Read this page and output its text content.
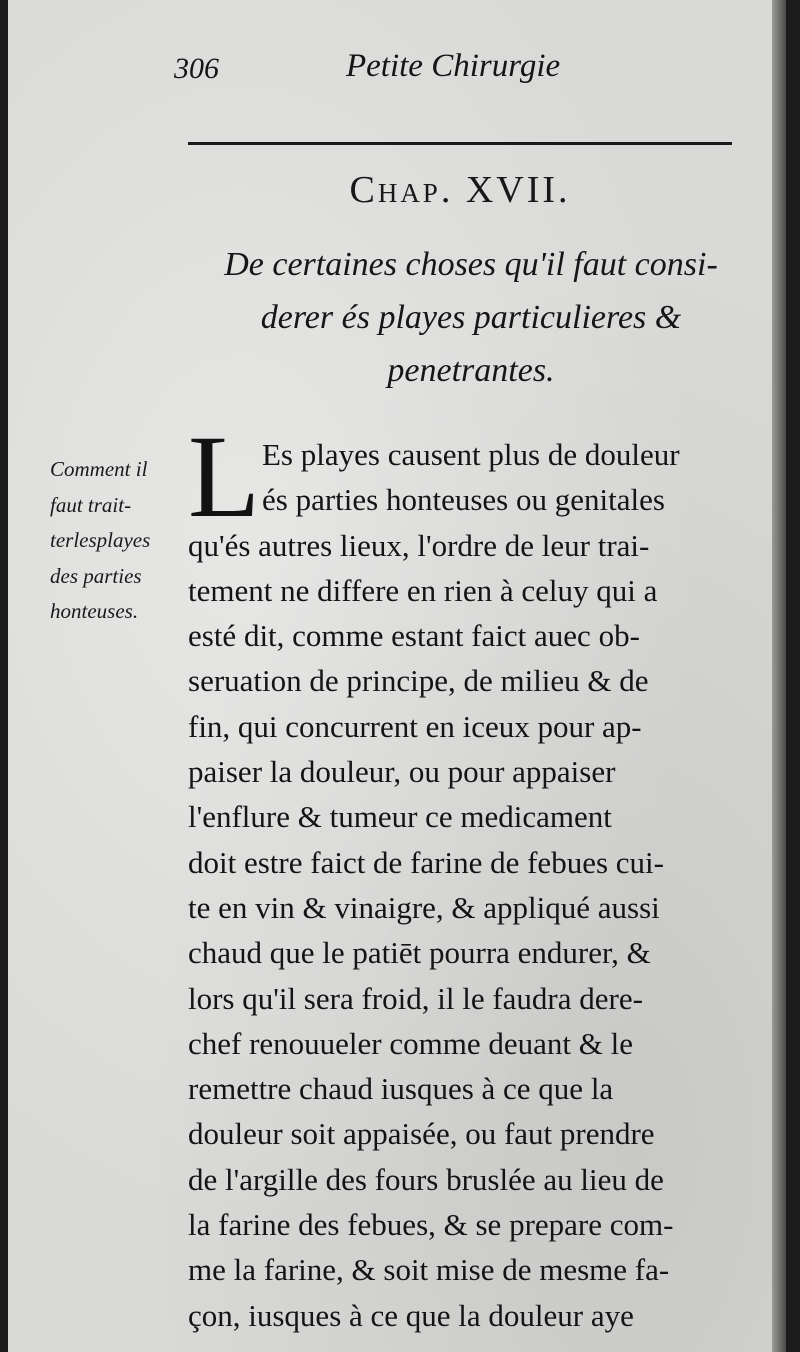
306	Petite Chirurgie
Chap. XVII.
De certaines choses qu'il faut consi-
derer és playes particulieres &
penetrantes.
Comment il
faut trait-
terlesplayes
des parties
honteuses.
L Es playes causent plus de douleur
és parties honteuses ou genitales
qu'és autres lieux, l'ordre de leur trai-
tement ne differe en rien à celuy qui a
esté dit, comme estant faict auec ob-
seruation de principe, de milieu & de
fin, qui concurrent en iceux pour ap-
paiser la douleur, ou pour appaiser
l'enflure & tumeur ce medicament
doit estre faict de farine de febues cui-
te en vin & vinaigre, & appliqué aussi
chaud que le patiēt pourra endurer, &
lors qu'il sera froid, il le faudra dere-
chef renouueler comme deuant & le
remettre chaud iusques à ce que la
douleur soit appaisée, ou faut prendre
de l'argille des fours bruslée au lieu de
la farine des febues, & se prepare com-
me la farine, & soit mise de mesme fa-
çon, iusques à ce que la douleur aye
